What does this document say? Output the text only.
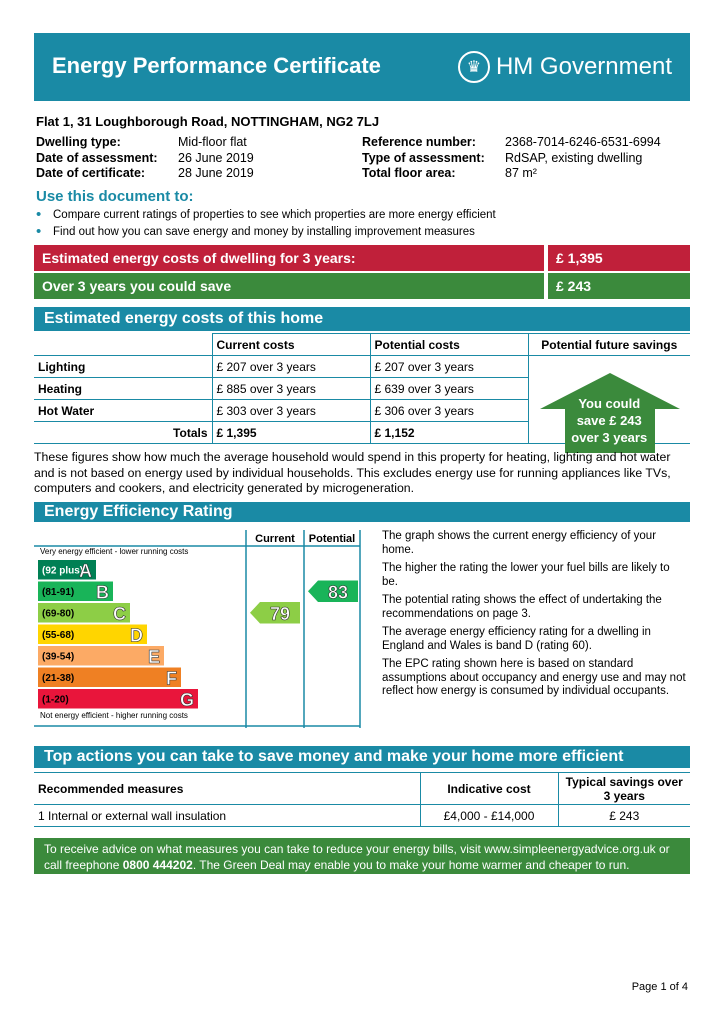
Energy Performance Certificate	♛ HM Government
Flat 1, 31 Loughborough Road, NOTTINGHAM, NG2 7LJ
Dwelling type:	Mid-floor flat	Reference number:	2368-7014-6246-6531-6994
Date of assessment:	26 June 2019	Type of assessment:	RdSAP, existing dwelling
Date of certificate:	28 June 2019	Total floor area:	87 m²
Use this document to:
• Compare current ratings of properties to see which properties are more energy efficient
• Find out how you can save energy and money by installing improvement measures
Estimated energy costs of dwelling for 3 years:	£ 1,395
Over 3 years you could save	£ 243
Estimated energy costs of this home
	Current costs	Potential costs	Potential future savings
Lighting	£ 207 over 3 years	£ 207 over 3 years	You could
save £ 243
over 3 years

Heating	£ 885 over 3 years	£ 639 over 3 years	
Hot Water	£ 303 over 3 years	£ 306 over 3 years	
Totals	£ 1,395	£ 1,152	
These figures show how much the average household would spend in this property for heating, lighting and hot water and is not based on energy used by individual households. This excludes energy use for running appliances like TVs, computers and cookers, and electricity generated by microgeneration.
Energy Efficiency Rating
Current Potential
Very energy efficient - lower running costs
Not energy efficient - higher running costs
(92 plus)
A
(81-91) B
(69-80) C
(55-68)	D
(39-54)	E
(21-38)	F
(1-20)	G
79
83

The graph shows the current energy efficiency of your home.

The higher the rating the lower your fuel bills are likely to be.

The potential rating shows the effect of undertaking the recommendations on page 3.

The average energy efficiency rating for a dwelling in England and Wales is band D (rating 60).

The EPC rating shown here is based on standard assumptions about occupancy and energy use and may not reflect how energy is consumed by individual occupants.

Top actions you can take to save money and make your home more efficient
Recommended measures	Indicative cost	Typical savings over 3 years
1 Internal or external wall insulation	£4,000 - £14,000	£ 243
To receive advice on what measures you can take to reduce your energy bills, visit www.simpleenergyadvice.org.uk or call freephone 0800 444202. The Green Deal may enable you to make your home warmer and cheaper to run.
Page 1 of 4
